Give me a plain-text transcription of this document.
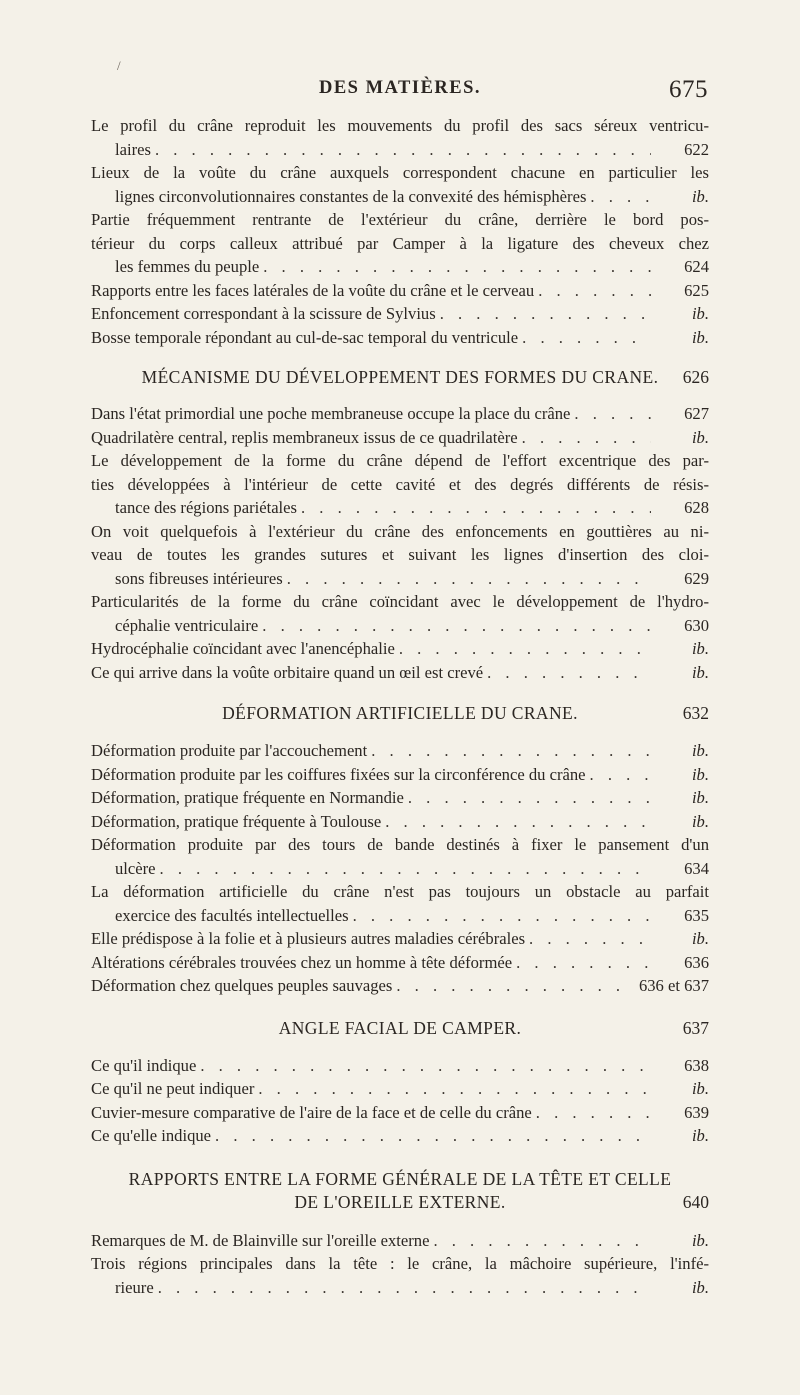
/
DES MATIÈRES.	675
Le profil du crâne reproduit les mouvements du profil des sacs séreux ventricu-
laires . . .	622
Lieux de la voûte du crâne auxquels correspondent chacune en particulier les
lignes circonvolutionnaires constantes de la convexité des hémisphères . . .	ib.
Partie fréquemment rentrante de l'extérieur du crâne, derrière le bord pos-
térieur du corps calleux attribué par Camper à la ligature des cheveux chez
les femmes du peuple . . .	624
Rapports entre les faces latérales de la voûte du crâne et le cerveau . . .	625
Enfoncement correspondant à la scissure de Sylvius . . .	ib.
Bosse temporale répondant au cul-de-sac temporal du ventricule . . .	ib.
MÉCANISME DU DÉVELOPPEMENT DES FORMES DU CRANE. 626
Dans l'état primordial une poche membraneuse occupe la place du crâne . . .	627
Quadrilatère central, replis membraneux issus de ce quadrilatère . . .	ib.
Le développement de la forme du crâne dépend de l'effort excentrique des par-
ties développées à l'intérieur de cette cavité et des degrés différents de résis-
tance des régions pariétales . . .	628
On voit quelquefois à l'extérieur du crâne des enfoncements en gouttières au ni-
veau de toutes les grandes sutures et suivant les lignes d'insertion des cloi-
sons fibreuses intérieures . . .	629
Particularités de la forme du crâne coïncidant avec le développement de l'hydro-
céphalie ventriculaire . . .	630
Hydrocéphalie coïncidant avec l'anencéphalie . . .	ib.
Ce qui arrive dans la voûte orbitaire quand un œil est crevé . . .	ib.
DÉFORMATION ARTIFICIELLE DU CRANE.	632
Déformation produite par l'accouchement . . .	ib.
Déformation produite par les coiffures fixées sur la circonférence du crâne . . .	ib.
Déformation, pratique fréquente en Normandie . . .	ib.
Déformation, pratique fréquente à Toulouse . . .	ib.
Déformation produite par des tours de bande destinés à fixer le pansement d'un
ulcère . . .	634
La déformation artificielle du crâne n'est pas toujours un obstacle au parfait
exercice des facultés intellectuelles . . .	635
Elle prédispose à la folie et à plusieurs autres maladies cérébrales . . .	ib.
Altérations cérébrales trouvées chez un homme à tête déformée . . .	636
Déformation chez quelques peuples sauvages . . .	636 et 637
ANGLE FACIAL DE CAMPER.	637
Ce qu'il indique . . .	638
Ce qu'il ne peut indiquer . . .	ib.
Cuvier-mesure comparative de l'aire de la face et de celle du crâne . . .	639
Ce qu'elle indique . . .	ib.
RAPPORTS ENTRE LA FORME GÉNÉRALE DE LA TÊTE ET CELLE
DE L'OREILLE EXTERNE.	640
Remarques de M. de Blainville sur l'oreille externe . . .	ib.
Trois régions principales dans la tête : le crâne, la mâchoire supérieure, l'infé-
rieure . . .	ib.
